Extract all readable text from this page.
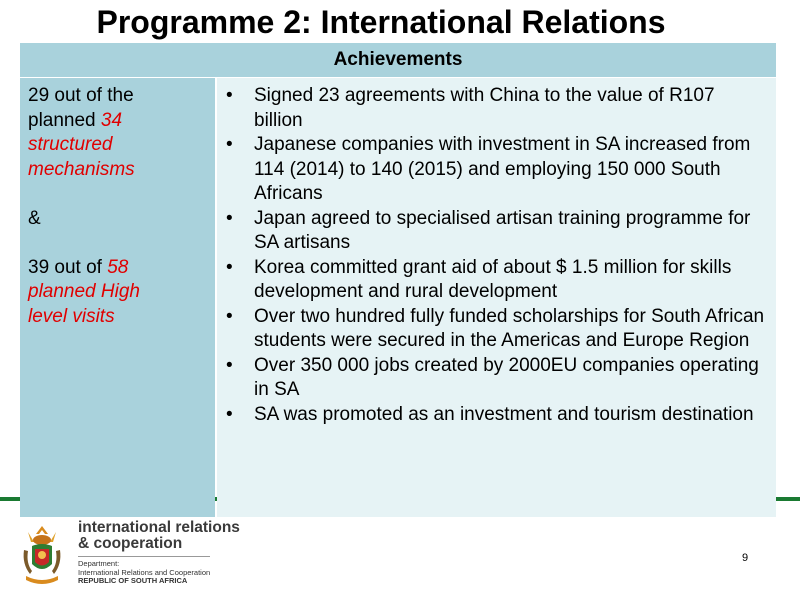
Programme 2: International Relations
Achievements
29 out of the
planned 34
structured
mechanisms
&
39 out of 58
planned High
level visits
• Signed 23 agreements with China to the value of R107 billion
• Japanese companies with investment in SA increased from 114 (2014) to 140 (2015) and employing 150 000 South Africans
• Japan agreed to specialised artisan training programme for SA artisans
• Korea committed grant aid of about $ 1.5 million for skills development and rural development
• Over two hundred fully funded scholarships for South African students were secured in the Americas and Europe Region
• Over 350 000 jobs created by 2000EU companies operating in SA
• SA was promoted as an investment and tourism destination
international relations
& cooperation
Department:
International Relations and Cooperation
REPUBLIC OF SOUTH AFRICA
9
